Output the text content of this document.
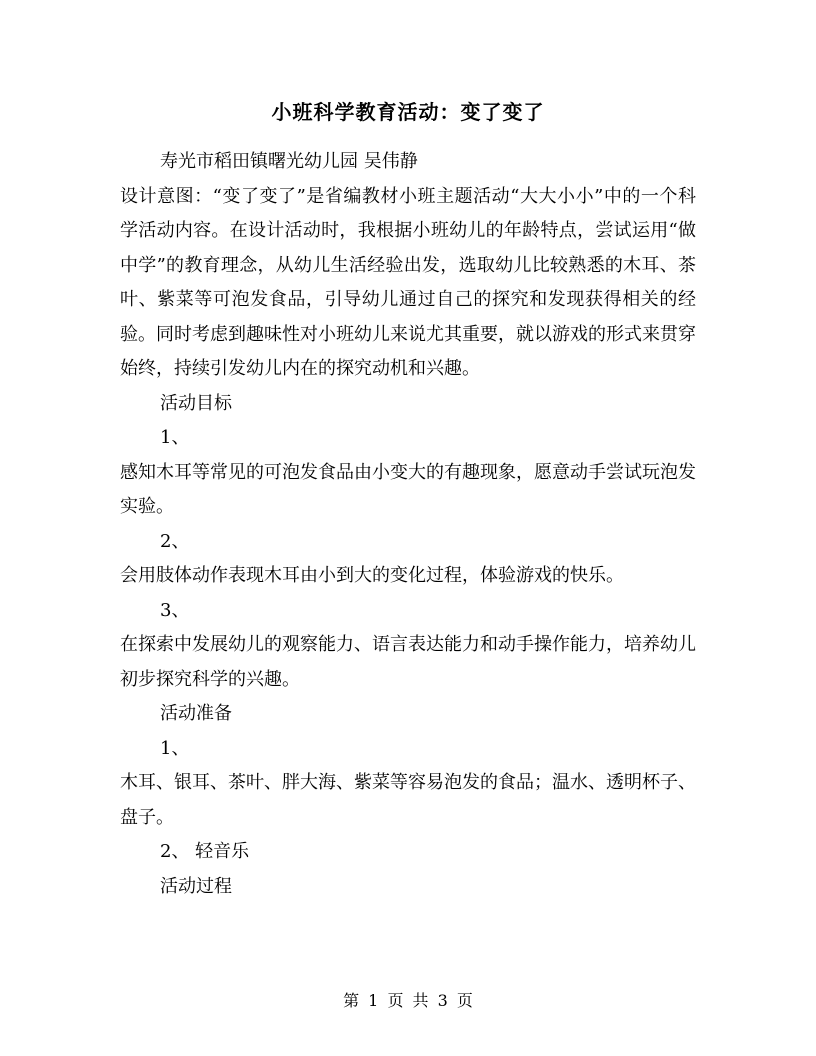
小班科学教育活动：变了变了

寿光市稻田镇曙光幼儿园 吴伟静

设计意图：“变了变了”是省编教材小班主题活动“大大小小”中的一个科学活动内容。在设计活动时，我根据小班幼儿的年龄特点，尝试运用“做中学”的教育理念，从幼儿生活经验出发，选取幼儿比较熟悉的木耳、茶叶、紫菜等可泡发食品，引导幼儿通过自己的探究和发现获得相关的经验。同时考虑到趣味性对小班幼儿来说尤其重要，就以游戏的形式来贯穿始终，持续引发幼儿内在的探究动机和兴趣。

活动目标

1、

感知木耳等常见的可泡发食品由小变大的有趣现象，愿意动手尝试玩泡发实验。

2、

会用肢体动作表现木耳由小到大的变化过程，体验游戏的快乐。

3、

在探索中发展幼儿的观察能力、语言表达能力和动手操作能力，培养幼儿初步探究科学的兴趣。

活动准备

1、

木耳、银耳、茶叶、胖大海、紫菜等容易泡发的食品；温水、透明杯子、盘子。

2、 轻音乐

活动过程

第 1 页 共 3 页
